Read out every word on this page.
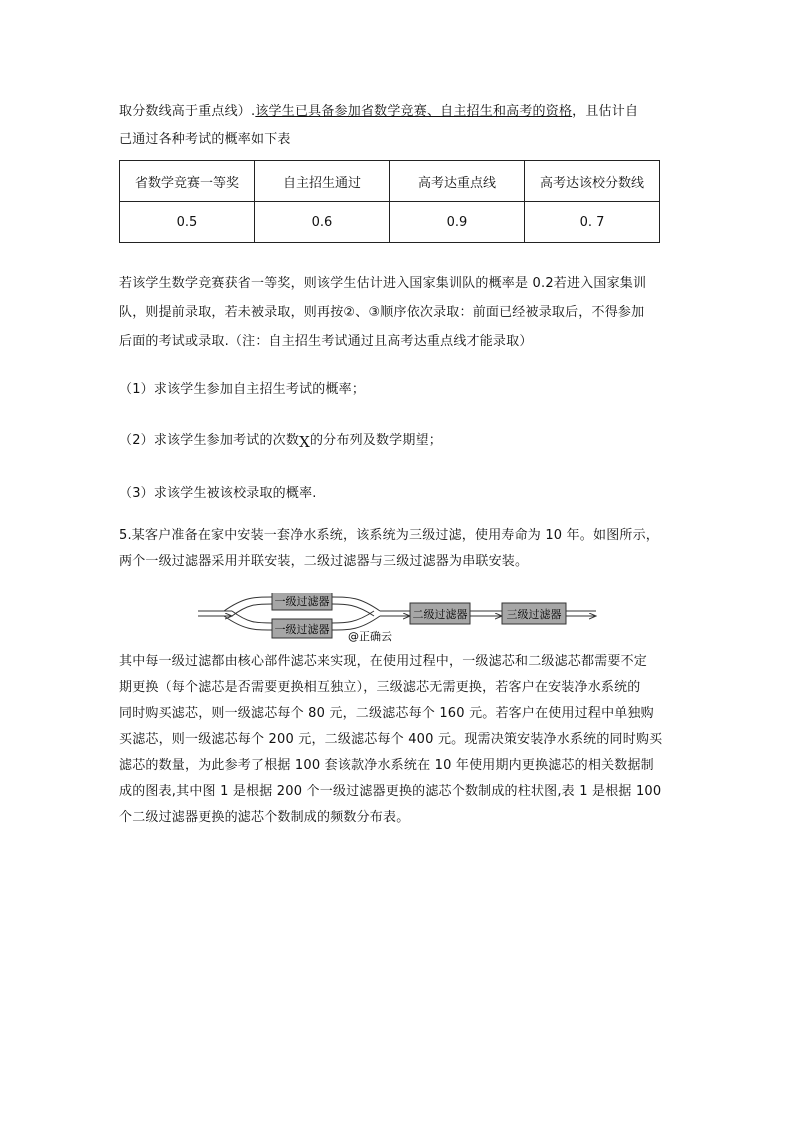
取分数线高于重点线）.该学生已具备参加省数学竞赛、自主招生和高考的资格，且估计自
己通过各种考试的概率如下表
省数学竞赛一等奖	自主招生通过	高考达重点线	高考达该校分数线
0.5	0.6	0.9	0. 7
若该学生数学竞赛获省一等奖，则该学生估计进入国家集训队的概率是 0.2若进入国家集训
队，则提前录取，若未被录取，则再按②、③顺序依次录取：前面已经被录取后，不得参加
后面的考试或录取.（注：自主招生考试通过且高考达重点线才能录取）
（1）求该学生参加自主招生考试的概率；
（2）求该学生参加考试的次数X的分布列及数学期望；
（3）求该学生被该校录取的概率.
5.某客户准备在家中安装一套净水系统，该系统为三级过滤，使用寿命为 10 年。如图所示，
两个一级过滤器采用并联安装，二级过滤器与三级过滤器为串联安装。
一级过滤器
一级过滤器
二级过滤器	三级过滤器
@正确云
其中每一级过滤都由核心部件滤芯来实现，在使用过程中，一级滤芯和二级滤芯都需要不定
期更换（每个滤芯是否需要更换相互独立），三级滤芯无需更换，若客户在安装净水系统的
同时购买滤芯，则一级滤芯每个 80 元，二级滤芯每个 160 元。若客户在使用过程中单独购
买滤芯，则一级滤芯每个 200 元，二级滤芯每个 400 元。现需决策安装净水系统的同时购买
滤芯的数量，为此参考了根据 100 套该款净水系统在 10 年使用期内更换滤芯的相关数据制
成的图表,其中图 1 是根据 200 个一级过滤器更换的滤芯个数制成的柱状图,表 1 是根据 100
个二级过滤器更换的滤芯个数制成的频数分布表。
